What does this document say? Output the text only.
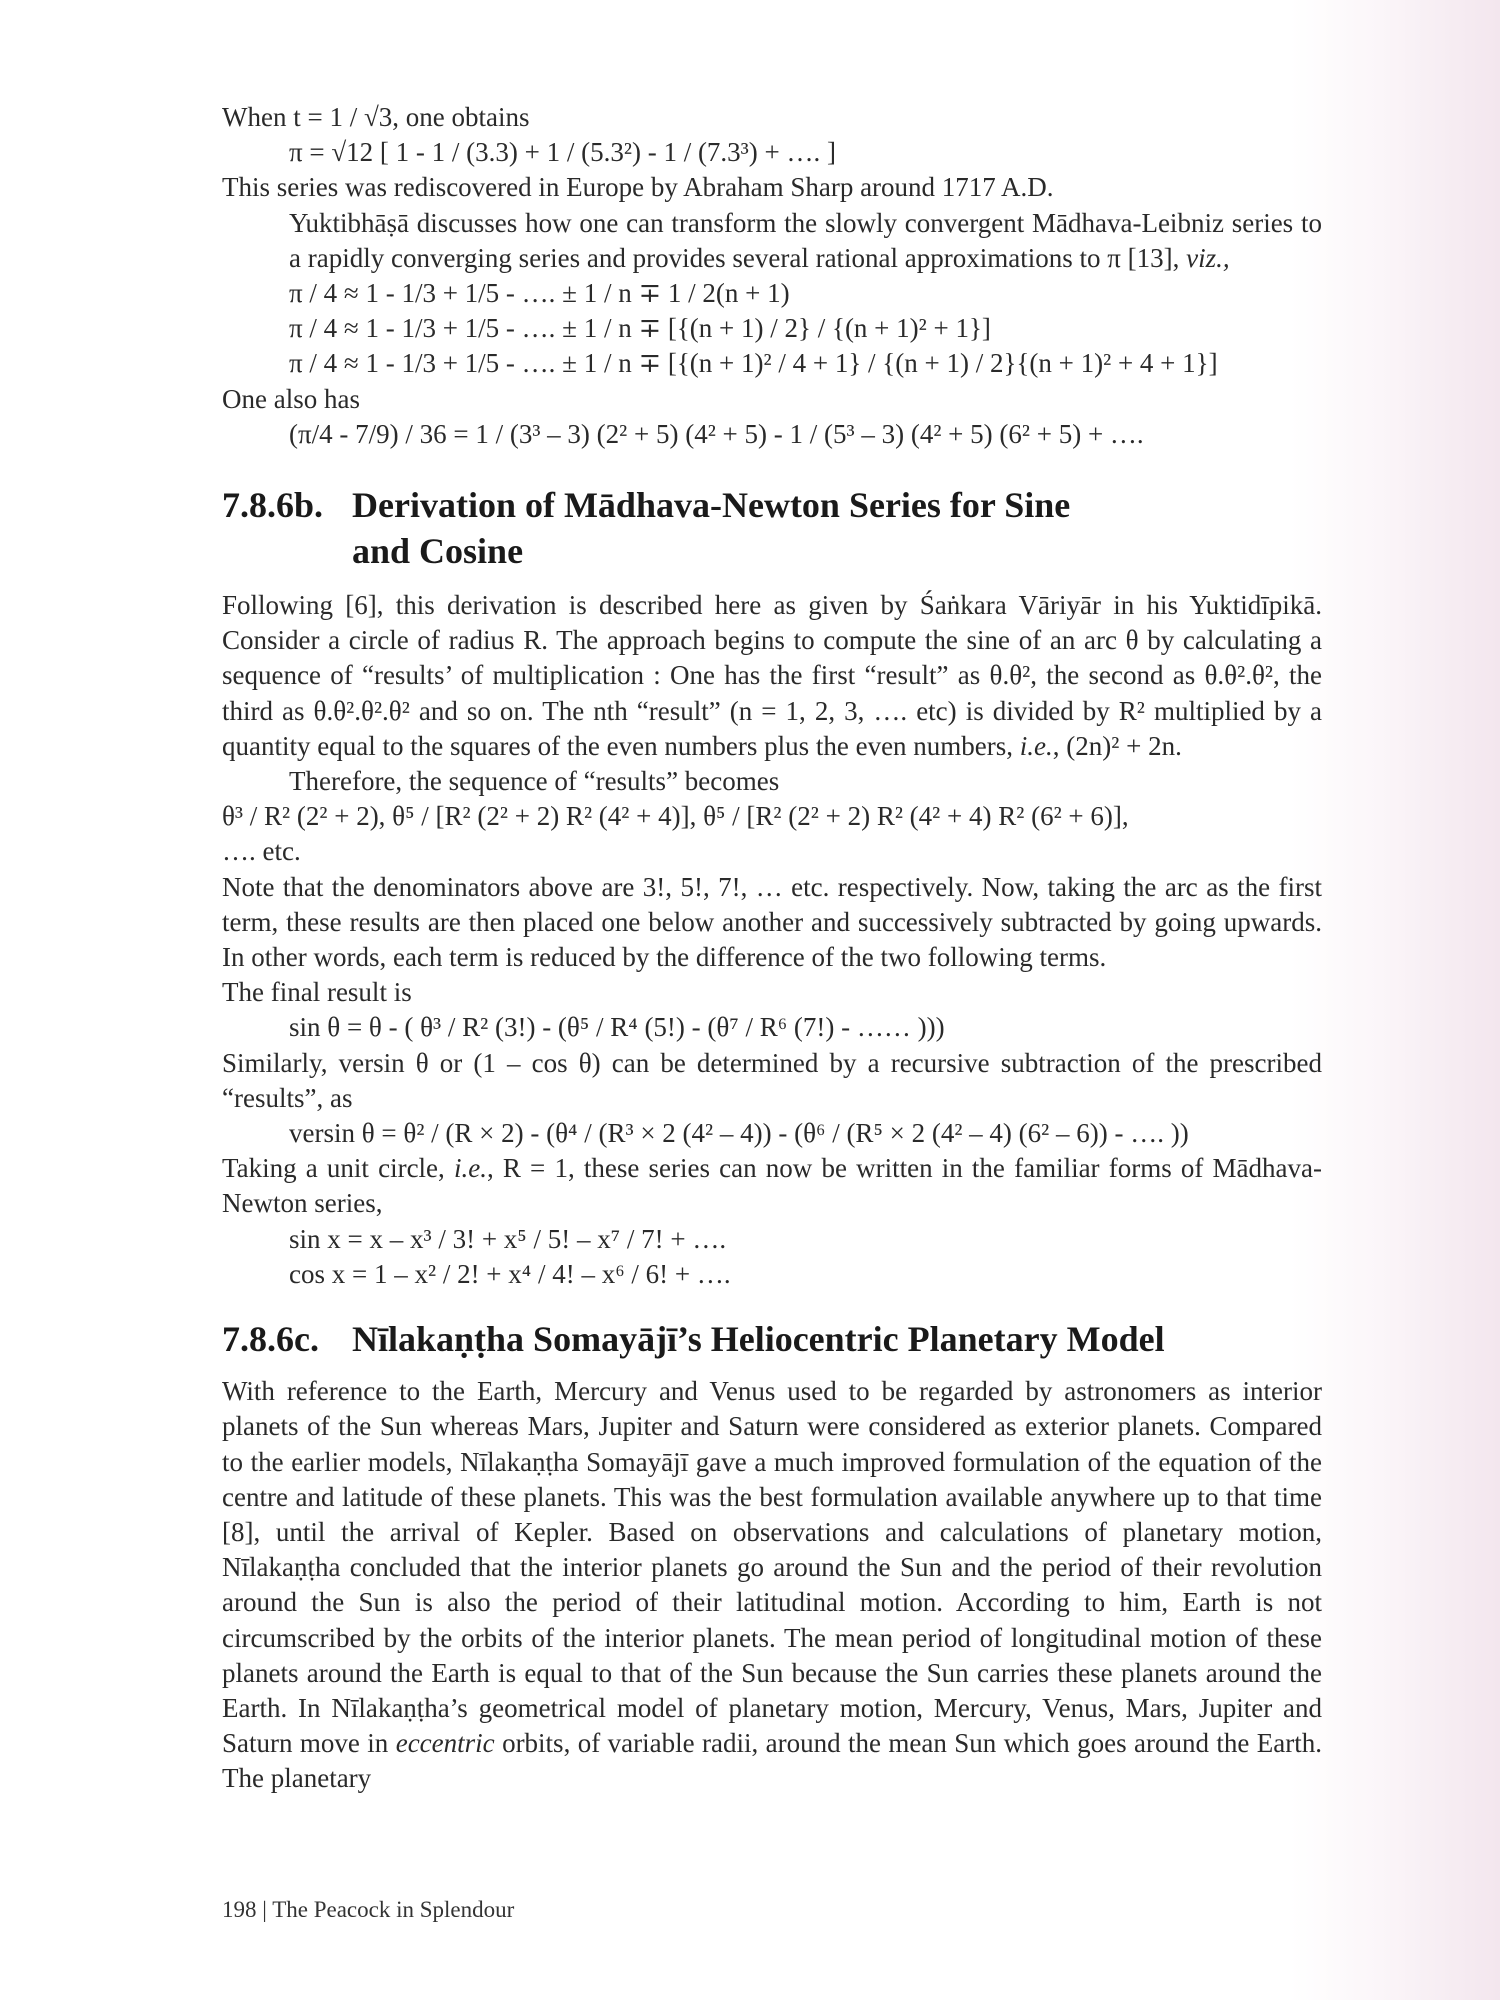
When t = 1 / √3, one obtains
π = √12 [ 1 - 1 / (3.3) + 1 / (5.3²) - 1 / (7.3³) + …. ]
This series was rediscovered in Europe by Abraham Sharp around 1717 A.D.

Yuktibhāṣā discusses how one can transform the slowly convergent Mādhava-Leibniz series to a rapidly converging series and provides several rational approximations to π [13], viz.,

π / 4 ≈ 1 - 1/3 + 1/5 - …. ± 1 / n ∓ 1 / 2(n + 1)
π / 4 ≈ 1 - 1/3 + 1/5 - …. ± 1 / n ∓ [{(n + 1) / 2} / {(n + 1)² + 1}]
π / 4 ≈ 1 - 1/3 + 1/5 - …. ± 1 / n ∓ [{(n + 1)² / 4 + 1} / {(n + 1) / 2}{(n + 1)² + 4 + 1}]
One also has
(π/4 - 7/9) / 36 = 1 / (3³ – 3) (2² + 5) (4² + 5) - 1 / (5³ – 3) (4² + 5) (6² + 5) + ….
7.8.6b. Derivation of Mādhava-Newton Series for Sine
and Cosine

Following [6], this derivation is described here as given by Śaṅkara Vāriyār in his Yuktidīpikā. Consider a circle of radius R. The approach begins to compute the sine of an arc θ by calculating a sequence of “results’ of multiplication : One has the first “result” as θ.θ², the second as θ.θ².θ², the third as θ.θ².θ².θ² and so on. The nth “result” (n = 1, 2, 3, …. etc) is divided by R² multiplied by a quantity equal to the squares of the even numbers plus the even numbers, i.e., (2n)² + 2n.

Therefore, the sequence of “results” becomes
θ³ / R² (2² + 2), θ⁵ / [R² (2² + 2) R² (4² + 4)], θ⁵ / [R² (2² + 2) R² (4² + 4) R² (6² + 6)],
…. etc.

Note that the denominators above are 3!, 5!, 7!, … etc. respectively. Now, taking the arc as the first term, these results are then placed one below another and successively subtracted by going upwards. In other words, each term is reduced by the difference of the two following terms.

The final result is
sin θ = θ - ( θ³ / R² (3!) - (θ⁵ / R⁴ (5!) - (θ⁷ / R⁶ (7!) - …… )))

Similarly, versin θ or (1 – cos θ) can be determined by a recursive subtraction of the prescribed “results”, as

versin θ = θ² / (R × 2) - (θ⁴ / (R³ × 2 (4² – 4)) - (θ⁶ / (R⁵ × 2 (4² – 4) (6² – 6)) - …. ))

Taking a unit circle, i.e., R = 1, these series can now be written in the familiar forms of Mādhava-Newton series,

sin x = x – x³ / 3! + x⁵ / 5! – x⁷ / 7! + ….
cos x = 1 – x² / 2! + x⁴ / 4! – x⁶ / 6! + ….
7.8.6c. Nīlakaṇṭha Somayājī’s Heliocentric Planetary Model

With reference to the Earth, Mercury and Venus used to be regarded by astronomers as interior planets of the Sun whereas Mars, Jupiter and Saturn were considered as exterior planets. Compared to the earlier models, Nīlakaṇṭha Somayājī gave a much improved formulation of the equation of the centre and latitude of these planets. This was the best formulation available anywhere up to that time [8], until the arrival of Kepler. Based on observations and calculations of planetary motion, Nīlakaṇṭha concluded that the interior planets go around the Sun and the period of their revolution around the Sun is also the period of their latitudinal motion. According to him, Earth is not circumscribed by the orbits of the interior planets. The mean period of longitudinal motion of these planets around the Earth is equal to that of the Sun because the Sun carries these planets around the Earth. In Nīlakaṇṭha’s geometrical model of planetary motion, Mercury, Venus, Mars, Jupiter and Saturn move in eccentric orbits, of variable radii, around the mean Sun which goes around the Earth. The planetary

198 | The Peacock in Splendour
